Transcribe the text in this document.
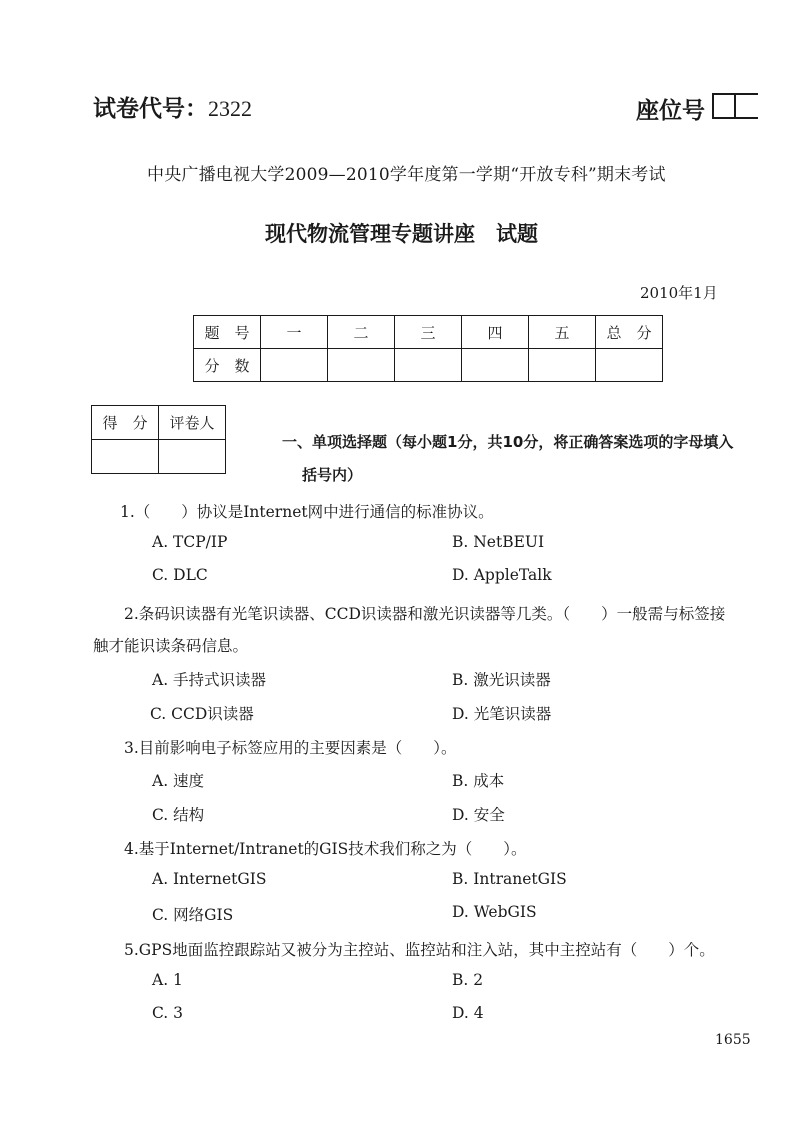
试卷代号：2322	座位号
中央广播电视大学2009—2010学年度第一学期“开放专科”期末考试
现代物流管理专题讲座　试题
2010年1月
题　号	一	二	三	四	五	总　分
分　数						
得　分	评卷人

一、单项选择题（每小题1分，共10分，将正确答案选项的字母填入
括号内）
1.（　　）协议是Internet网中进行通信的标准协议。
A. TCP/IP	B. NetBEUI
C. DLC	D. AppleTalk
2.条码识读器有光笔识读器、CCD识读器和激光识读器等几类。（　　）一般需与标签接
触才能识读条码信息。
A. 手持式识读器	B. 激光识读器
C. CCD识读器	D. 光笔识读器
3.目前影响电子标签应用的主要因素是（　　）。
A. 速度	B. 成本
C. 结构	D. 安全
4.基于Internet/Intranet的GIS技术我们称之为（　　）。
A. InternetGIS	B. IntranetGIS
C. 网络GIS	D. WebGIS
5.GPS地面监控跟踪站又被分为主控站、监控站和注入站，其中主控站有（　　）个。
A. 1	B. 2
C. 3	D. 4
1655
